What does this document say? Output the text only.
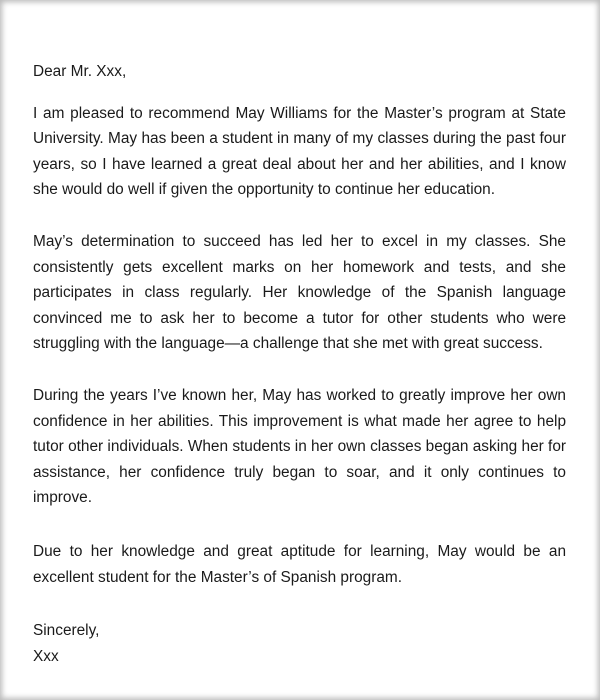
Dear Mr. Xxx,

I am pleased to recommend May Williams for the Master’s program at State University. May has been a student in many of my classes during the past four years, so I have learned a great deal about her and her abilities, and I know she would do well if given the opportunity to continue her education.

May’s determination to succeed has led her to excel in my classes. She consistently gets excellent marks on her homework and tests, and she participates in class regularly. Her knowledge of the Spanish language convinced me to ask her to become a tutor for other students who were struggling with the language—a challenge that she met with great success.

During the years I’ve known her, May has worked to greatly improve her own confidence in her abilities. This improvement is what made her agree to help tutor other individuals. When students in her own classes began asking her for assistance, her confidence truly began to soar, and it only continues to improve.

Due to her knowledge and great aptitude for learning, May would be an excellent student for the Master’s of Spanish program.

Sincerely,

Xxx
